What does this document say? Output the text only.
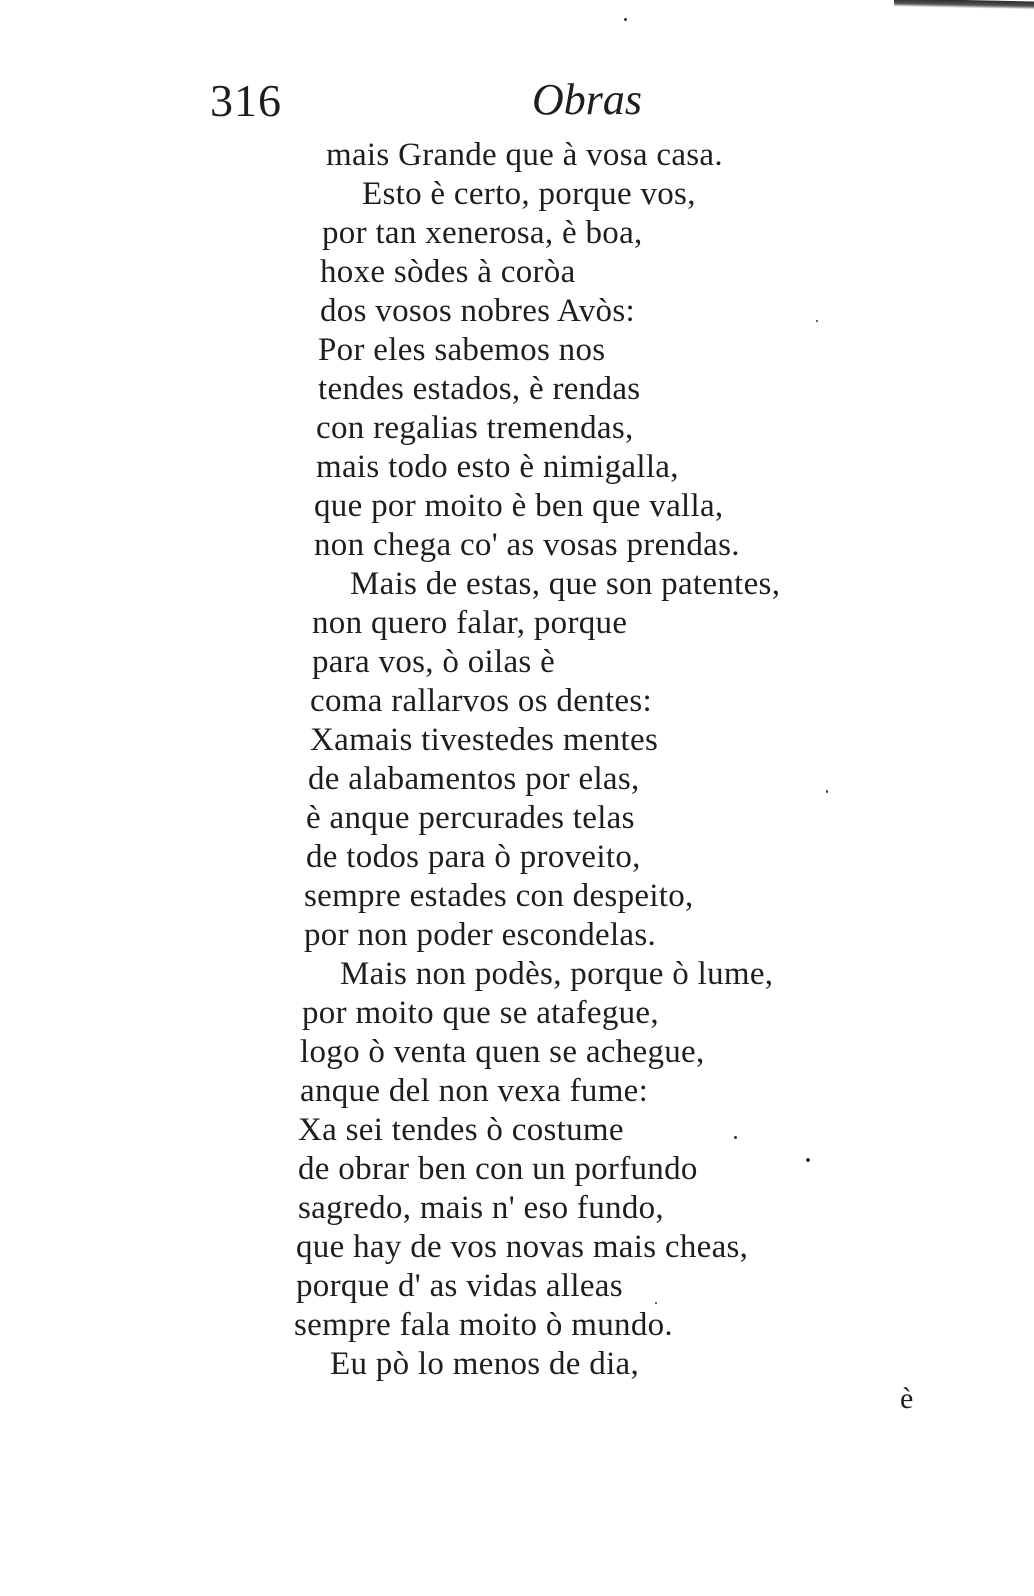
316	Obras
mais Grande que à vosa casa.
Esto è certo, porque vos,
por tan xenerosa, è boa,
hoxe sòdes à coròa
dos vosos nobres Avòs:
Por eles sabemos nos
tendes estados, è rendas
con regalias tremendas,
mais todo esto è nimigalla,
que por moito è ben que valla,
non chega co' as vosas prendas.
Mais de estas, que son patentes,
non quero falar, porque
para vos, ò oilas è
coma rallarvos os dentes:
Xamais tivestedes mentes
de alabamentos por elas,
è anque percurades telas
de todos para ò proveito,
sempre estades con despeito,
por non poder escondelas.
Mais non podès, porque ò lume,
por moito que se atafegue,
logo ò venta quen se achegue,
anque del non vexa fume:
Xa sei tendes ò costume
de obrar ben con un porfundo
sagredo, mais n' eso fundo,
que hay de vos novas mais cheas,
porque d' as vidas alleas
sempre fala moito ò mundo.
Eu pò lo menos de dia,
è
